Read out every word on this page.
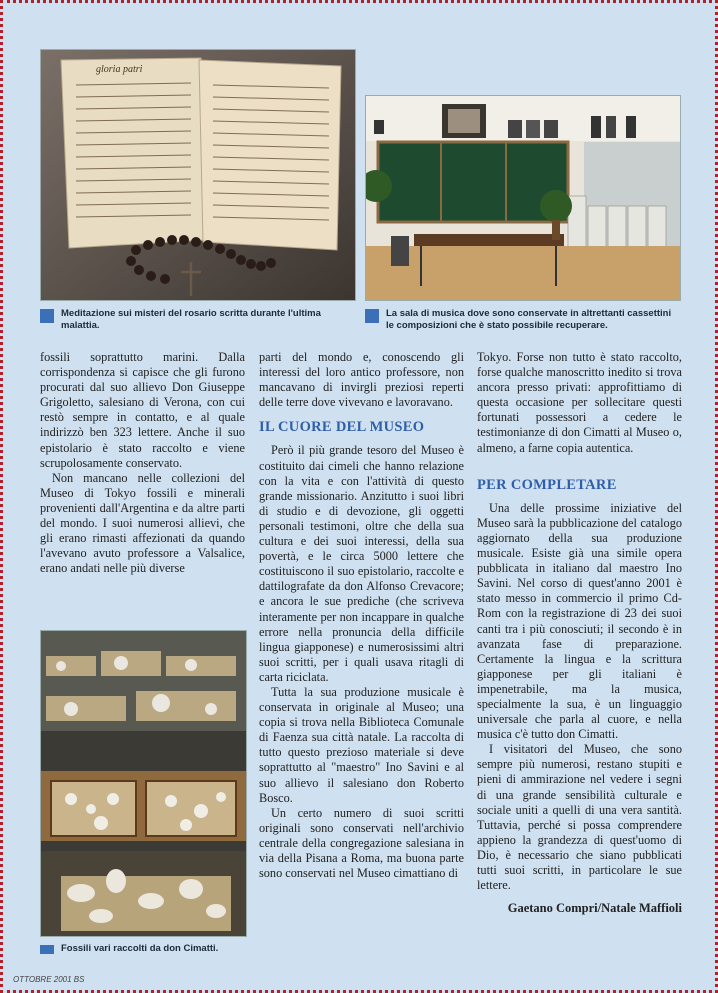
gloria patri
Meditazione sui misteri del rosario scritta durante l'ultima malattia.
La sala di musica dove sono conservate in altrettanti cassettini le composizioni che è stato possibile recuperare.

fossili soprattutto marini. Dalla corrispondenza si capisce che gli furono procurati dal suo allievo Don Giuseppe Grigoletto, salesiano di Verona, con cui restò sempre in contatto, e al quale indirizzò ben 323 lettere. Anche il suo epistolario è stato raccolto e viene scrupolosamente conservato.

Non mancano nelle collezioni del Museo di Tokyo fossili e minerali provenienti dall'Argentina e da altre parti del mondo. I suoi numerosi allievi, che gli erano rimasti affezionati da quando l'avevano avuto professore a Valsalice, erano andati nelle più diverse

Fossili vari raccolti da don Cimatti.

parti del mondo e, conoscendo gli interessi del loro antico professore, non mancavano di invirgli preziosi reperti delle terre dove vivevano e lavoravano.

IL CUORE DEL MUSEO

Però il più grande tesoro del Museo è costituito dai cimeli che hanno relazione con la vita e con l'attività di questo grande missionario. Anzitutto i suoi libri di studio e di devozione, gli oggetti personali testimoni, oltre che della sua cultura e dei suoi interessi, della sua povertà, e le circa 5000 lettere che costituiscono il suo epistolario, raccolte e dattilografate da don Alfonso Crevacore; e ancora le sue prediche (che scriveva interamente per non incappare in qualche errore nella pronuncia della difficile lingua giapponese) e numerosissimi altri suoi scritti, per i quali usava ritagli di carta riciclata.

Tutta la sua produzione musicale è conservata in originale al Museo; una copia si trova nella Biblioteca Comunale di Faenza sua città natale. La raccolta di tutto questo prezioso materiale si deve soprattutto al "maestro" Ino Savini e al suo allievo il salesiano don Roberto Bosco.

Un certo numero di suoi scritti originali sono conservati nell'archivio centrale della congregazione salesiana in via della Pisana a Roma, ma buona parte sono conservati nel Museo cimattiano di

Tokyo. Forse non tutto è stato raccolto, forse qualche manoscritto inedito si trova ancora presso privati: approfittiamo di questa occasione per sollecitare questi fortunati possessori a cedere le testimonianze di don Cimatti al Museo o, almeno, a farne copia autentica.

PER COMPLETARE

Una delle prossime iniziative del Museo sarà la pubblicazione del catalogo aggiornato della sua produzione musicale. Esiste già una simile opera pubblicata in italiano dal maestro Ino Savini. Nel corso di quest'anno 2001 è stato messo in commercio il primo Cd-Rom con la registrazione di 23 dei suoi canti tra i più conosciuti; il secondo è in avanzata fase di preparazione. Certamente la lingua e la scrittura giapponese per gli italiani è impenetrabile, ma la musica, specialmente la sua, è un linguaggio universale che parla al cuore, e nella musica c'è tutto don Cimatti.

I visitatori del Museo, che sono sempre più numerosi, restano stupiti e pieni di ammirazione nel vedere i segni di una grande sensibilità culturale e sociale uniti a quelli di una vera santità. Tuttavia, perché si possa comprendere appieno la grandezza di quest'uomo di Dio, è necessario che siano pubblicati tutti suoi scritti, in particolare le sue lettere.

Gaetano Compri/Natale Maffioli
OTTOBRE 2001 BS
